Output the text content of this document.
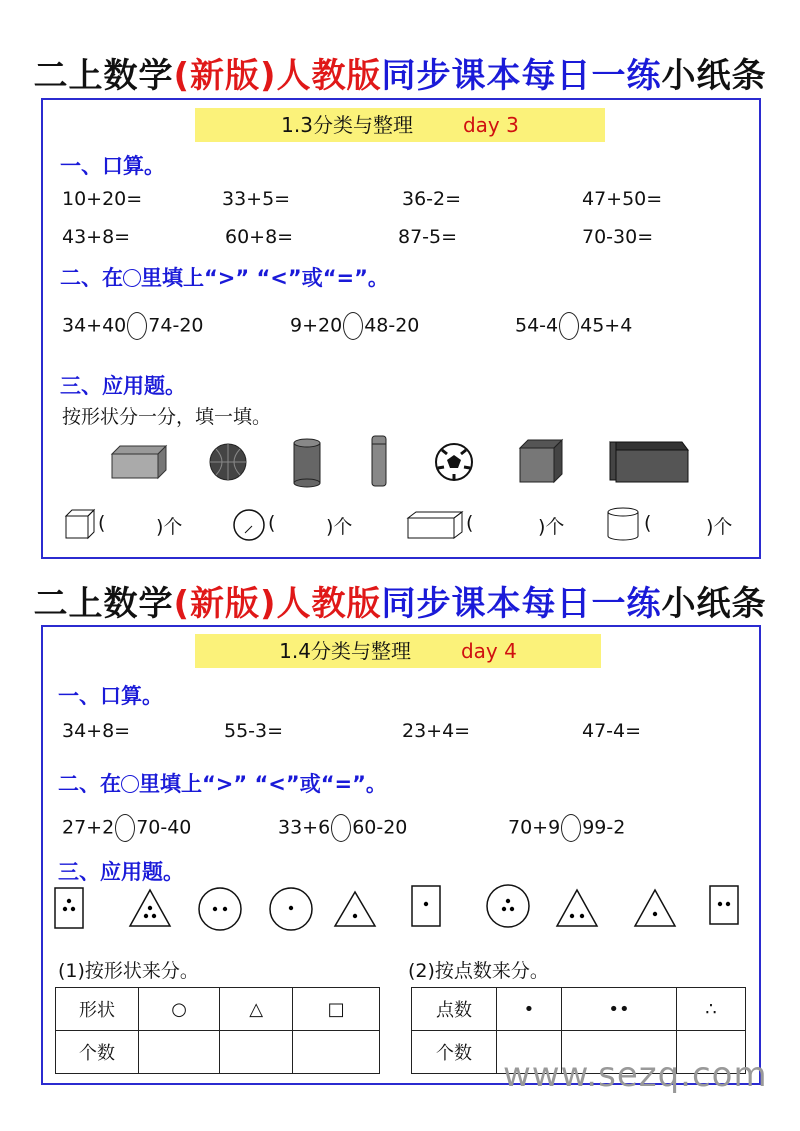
二上数学(新版)人教版同步课本每日一练小纸条
1.3分类与整理	day 3
一、口算。
10+20=	33+5=	36-2=	47+50=
43+8=	60+8=	87-5=	70-30=
二、在 里填上“>” “<”或“=”。
34+40 74-20	9+20 48-20	54-4 45+4
三、应用题。
按形状分一分，填一填。
(	)个	(	)个	(	)个	(	)个
二上数学(新版)人教版同步课本每日一练小纸条
1.4分类与整理	day 4
一、口算。
34+8=	55-3=	23+4=	47-4=
二、在 里填上“>” “<”或“=”。
27+2 70-40	33+6 60-20	70+9 99-2
三、应用题。
(1)按形状来分。
形状	○	△	□
个数			
(2)按点数来分。
点数	•	••	∴
个数			
www.sezq.com
